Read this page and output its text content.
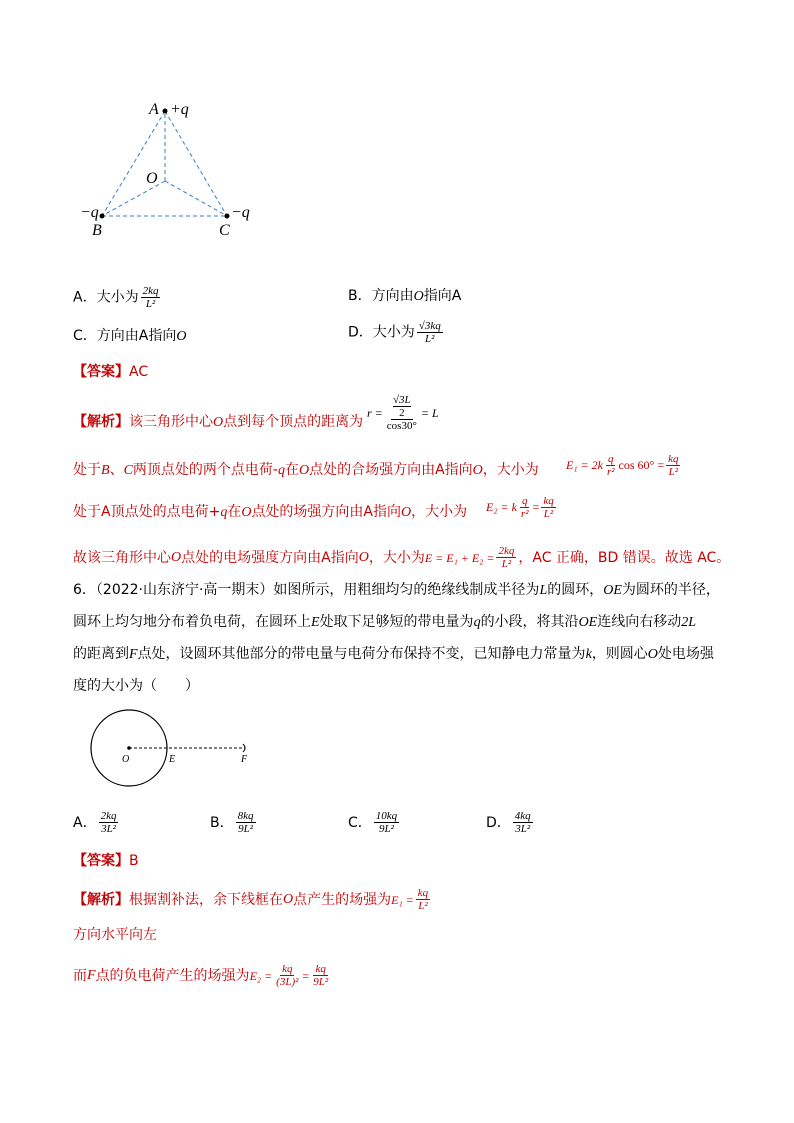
A +q
O
−q
B	C
−q
A．大小为 $\frac{2kq}{\text{L²}}$	B．方向由O指向A
C．方向由A指向O	D．大小为 $\frac{√3kq}{\text{L²}}$
【答案】AC
【解析】该三角形中心O点到每个顶点的距离为
r = √3L
2
cos30° = L
处于B、C两顶点处的两个点电荷-q在O点处的合场强方向由A指向O，大小为 $E_1 = 2k \frac{q}{\text{r²}}$ $\cos 60^\circ = \frac{kq}{\text{L²}}$
处于A顶点处的点电荷+q在O点处的场强方向由A指向O，大小为 E₂ = k $\frac{q}{\text{r²}} = \frac{kq}{\text{L²}}$
故该三角形中心 O 点处的电场强度方向由A指向 O ，大小为 $E = E_1 + E_2 = \frac{2kq}{\text{L²}}$ ，AC 正确，BD 错误。故选 AC。
6．（2022·山东济宁·高一期末）如图所示，用粗细均匀的绝缘线制成半径为L的圆环，OE为圆环的半径，
圆环上均匀地分布着负电荷，在圆环上E处取下足够短的带电量为q的小段，将其沿OE连线向右移动2L
的距离到F点处，设圆环其他部分的带电量与电荷分布保持不变，已知静电力常量为k，则圆心O处电场强
度的大小为（　　）
O	E	F
A． $\frac{2kq}{\text{3L²}}$	B． $\frac{8kq}{\text{9L²}}$	C． $\frac{10kq}{\text{9L²}}$	D． $\frac{4kq}{\text{3L²}}$
【答案】B
【解析】 根据割补法，余下线框在 O 点产生的场强为 $E_1 = \frac{kq}{\text{L²}}$
方向水平向左
而 F 点的负电荷产生的场强为 $E_2 = \frac{kq}{\text{(3L)²}} = \frac{kq}{\text{9L²}}$
